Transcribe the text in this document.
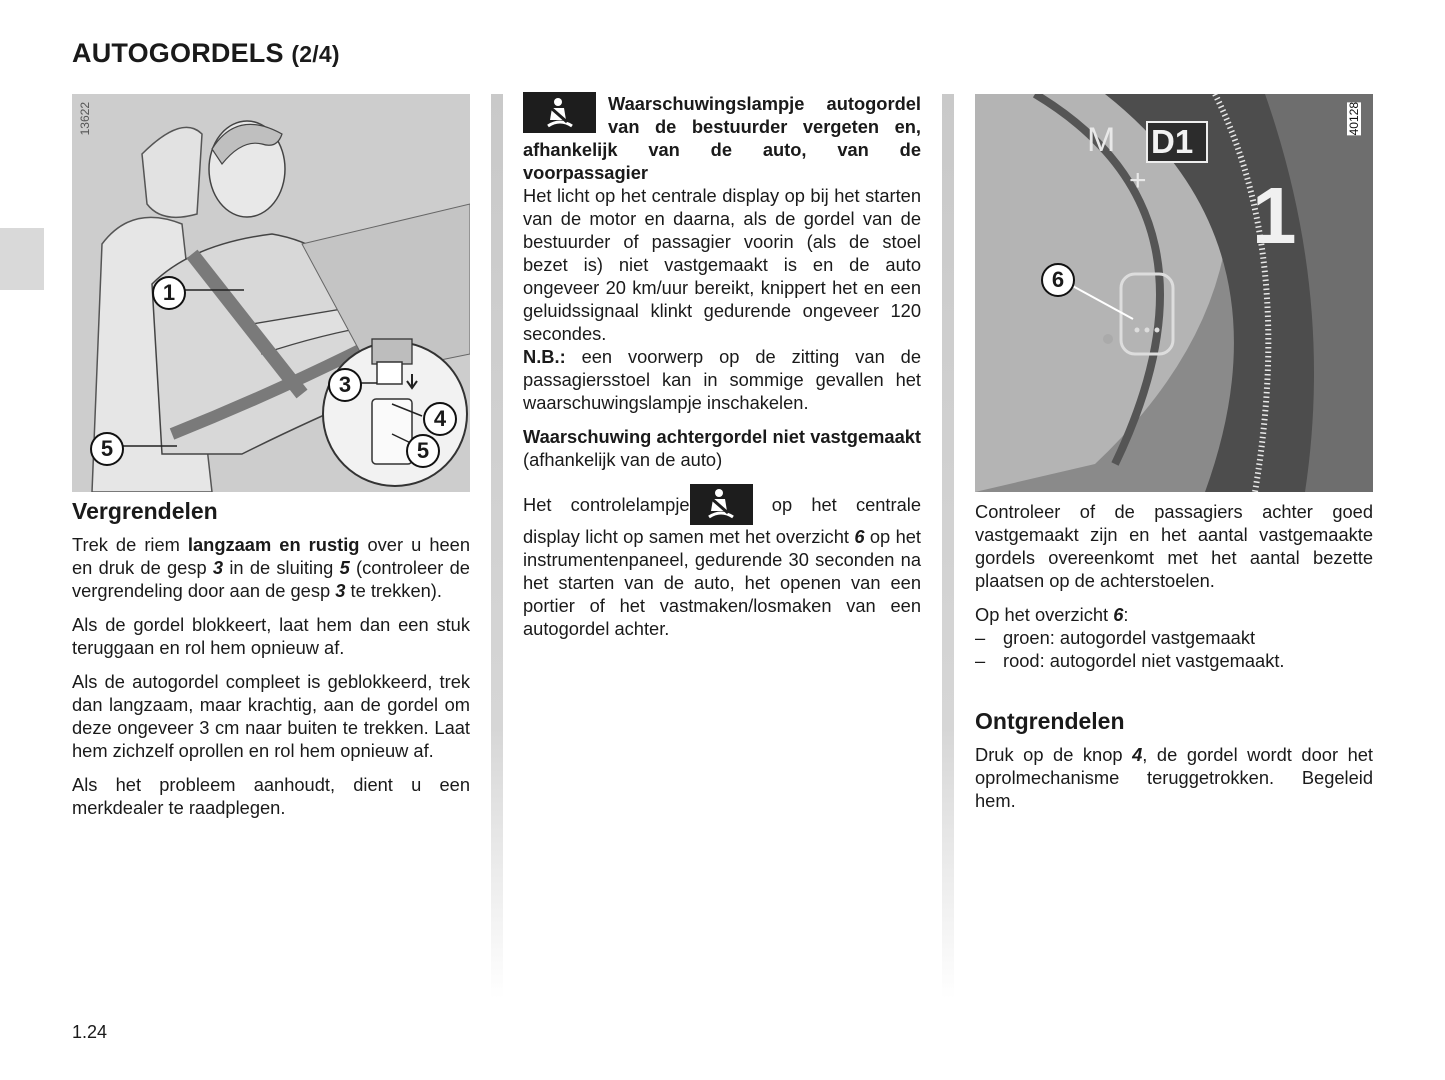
AUTOGORDELS (2/4)
13622
1
3
4
5	5
Vergrendelen

Trek de riem langzaam en rustig over u heen en druk de gesp 3 in de sluiting 5 (controleer de vergrendeling door aan de gesp 3 te trekken).

Als de gordel blokkeert, laat hem dan een stuk teruggaan en rol hem opnieuw af.

Als de autogordel compleet is geblokkeerd, trek dan langzaam, maar krachtig, aan de gordel om deze ongeveer 3 cm naar buiten te trekken. Laat hem zichzelf oprollen en rol hem opnieuw af.

Als het probleem aanhoudt, dient u een merkdealer te raadplegen.

Waarschuwingslampje autogordel van de bestuurder vergeten en, afhankelijk van de auto, van de voorpassagier

Het licht op het centrale display op bij het starten van de motor en daarna, als de gordel van de bestuurder of passagier voorin (als de stoel bezet is) niet vastgemaakt is en de auto ongeveer 20 km/uur bereikt, knippert het en een geluidssignaal klinkt gedurende ongeveer 120 secondes.

N.B.: een voorwerp op de zitting van de passagiersstoel kan in sommige gevallen het waarschuwingslampje inschakelen.

Waarschuwing achtergordel niet vastgemaakt (afhankelijk van de auto)

Het controlelampje	op het centrale display licht op samen met het overzicht 6 op het instrumentenpaneel, gedurende 30 seconden na het starten van de auto, het openen van een portier of het vastmaken/losmaken van een autogordel achter.

40128
M D1
+ 1
6

Controleer of de passagiers achter goed vastgemaakt zijn en het aantal vastgemaakte gordels overeenkomt met het aantal bezette plaatsen op de achterstoelen.

Op het overzicht 6:

– groen: autogordel vastgemaakt
– rood: autogordel niet vastgemaakt.
Ontgrendelen

Druk op de knop 4, de gordel wordt door het oprolmechanisme teruggetrokken. Begeleid hem.

1.24
